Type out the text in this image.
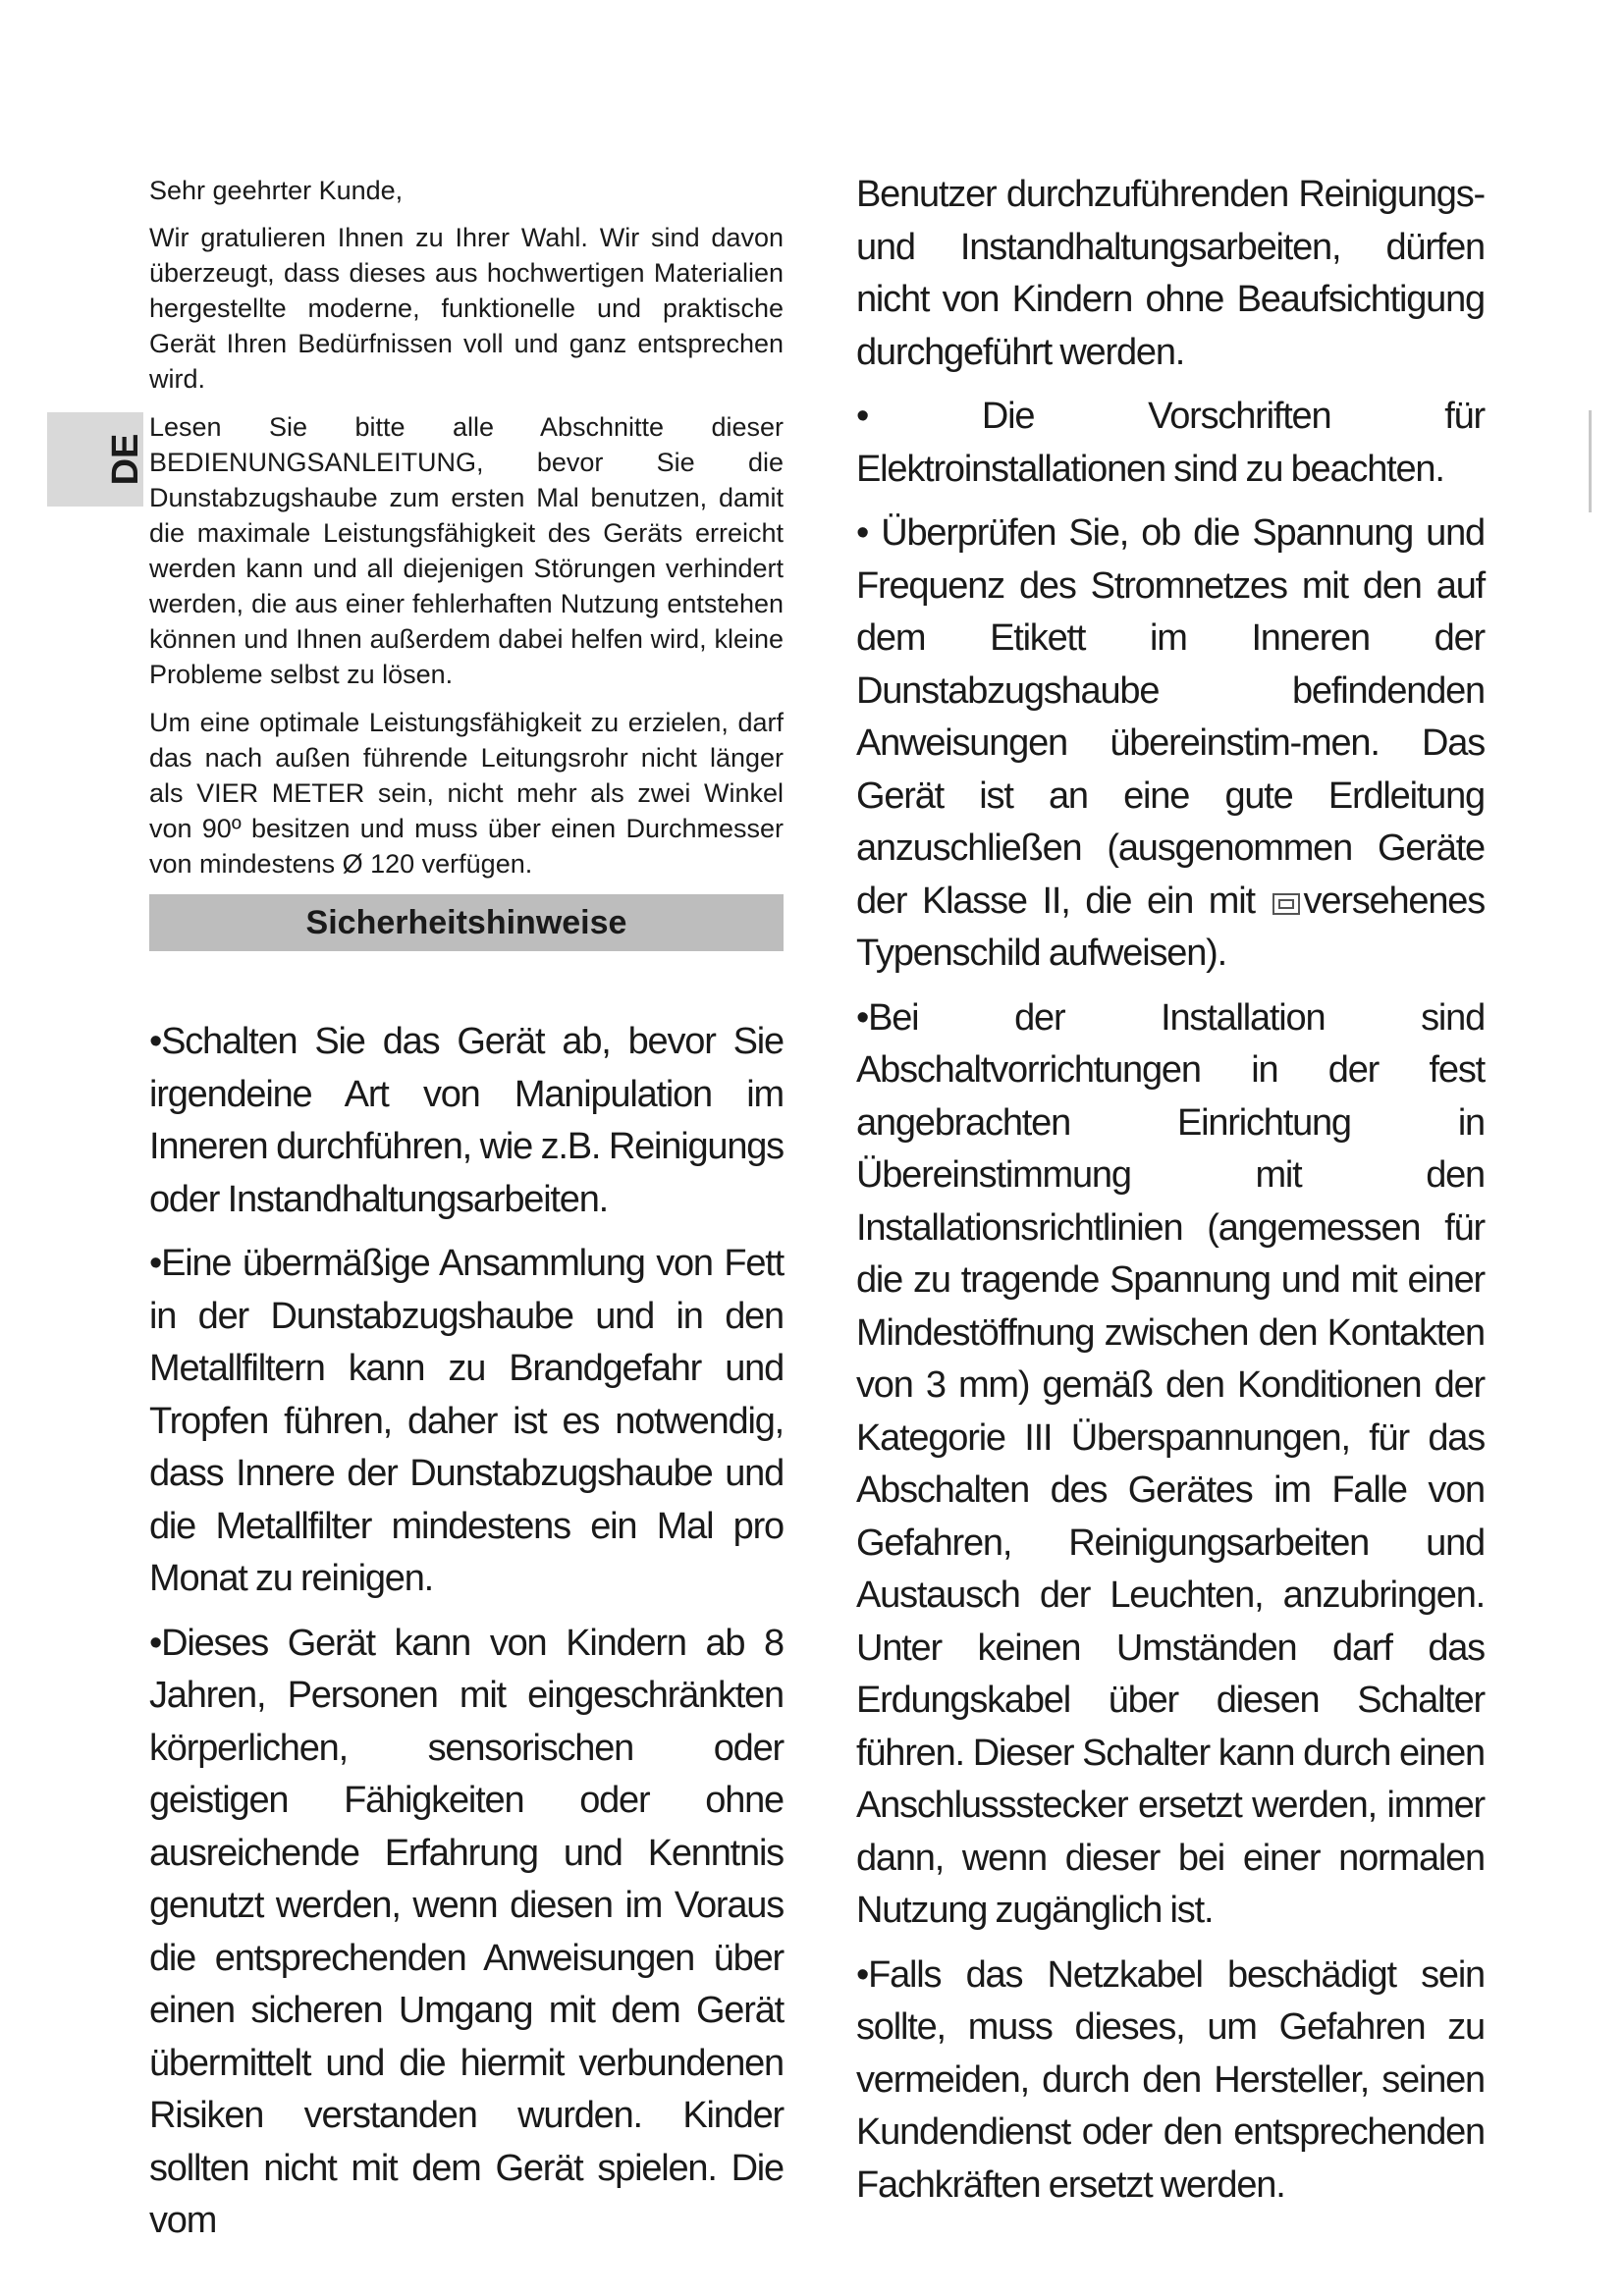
DE

Sehr geehrter Kunde,

Wir gratulieren Ihnen zu Ihrer Wahl. Wir sind davon überzeugt, dass dieses aus hochwertigen Materialien hergestellte moderne, funktionelle und praktische Gerät Ihren Bedürfnissen voll und ganz entsprechen wird.

Lesen Sie bitte alle Abschnitte dieser BEDIENUNGSANLEITUNG, bevor Sie die Dunstabzugshaube zum ersten Mal benutzen, damit die maximale Leistungsfähigkeit des Geräts erreicht werden kann und all diejenigen Störungen verhindert werden, die aus einer fehlerhaften Nutzung entstehen können und Ihnen außerdem dabei helfen wird, kleine Probleme selbst zu lösen.

Um eine optimale Leistungsfähigkeit zu erzielen, darf das nach außen führende Leitungsrohr nicht länger als VIER METER sein, nicht mehr als zwei Winkel von 90º besitzen und muss über einen Durchmesser von mindestens Ø 120 verfügen.

Sicherheitshinweise

•Schalten Sie das Gerät ab, bevor Sie irgendeine Art von Manipulation im Inneren durchführen, wie z.B. Reinigungs oder Instandhaltungsarbeiten.

•Eine übermäßige Ansammlung von Fett in der Dunstabzugshaube und in den Metallfiltern kann zu Brandgefahr und Tropfen führen, daher ist es notwendig, dass Innere der Dunstabzugshaube und die Metallfilter mindestens ein Mal pro Monat zu reinigen.

•Dieses Gerät kann von Kindern ab 8 Jahren, Personen mit eingeschränkten körperlichen, sensorischen oder geistigen Fähigkeiten oder ohne ausreichende Erfahrung und Kenntnis genutzt werden, wenn diesen im Voraus die entsprechenden Anweisungen über einen sicheren Umgang mit dem Gerät übermittelt und die hiermit verbundenen Risiken verstanden wurden. Kinder sollten nicht mit dem Gerät spielen. Die vom

Benutzer durchzuführenden Reinigungs- und Instandhaltungsarbeiten, dürfen nicht von Kindern ohne Beaufsichtigung durchgeführt werden.

• Die Vorschriften für Elektroinstallationen sind zu beachten.

• Überprüfen Sie, ob die Spannung und Frequenz des Stromnetzes mit den auf dem Etikett im Inneren der Dunstabzugshaube befindenden Anweisungen übereinstim-men. Das Gerät ist an eine gute Erdleitung anzuschließen (ausgenommen Geräte der Klasse II, die ein mit versehenes Typenschild aufweisen).

•Bei der Installation sind Abschaltvorrichtungen in der fest angebrachten Einrichtung in Übereinstimmung mit den Installationsrichtlinien (angemessen für die zu tragende Spannung und mit einer Mindestöffnung zwischen den Kontakten von 3 mm) gemäß den Konditionen der Kategorie III Überspannungen, für das Abschalten des Gerätes im Falle von Gefahren, Reinigungsarbeiten und Austausch der Leuchten, anzubringen. Unter keinen Umständen darf das Erdungskabel über diesen Schalter führen. Dieser Schalter kann durch einen Anschlussstecker ersetzt werden, immer dann, wenn dieser bei einer normalen Nutzung zugänglich ist.

•Falls das Netzkabel beschädigt sein sollte, muss dieses, um Gefahren zu vermeiden, durch den Hersteller, seinen Kundendienst oder den entsprechenden Fachkräften ersetzt werden.
